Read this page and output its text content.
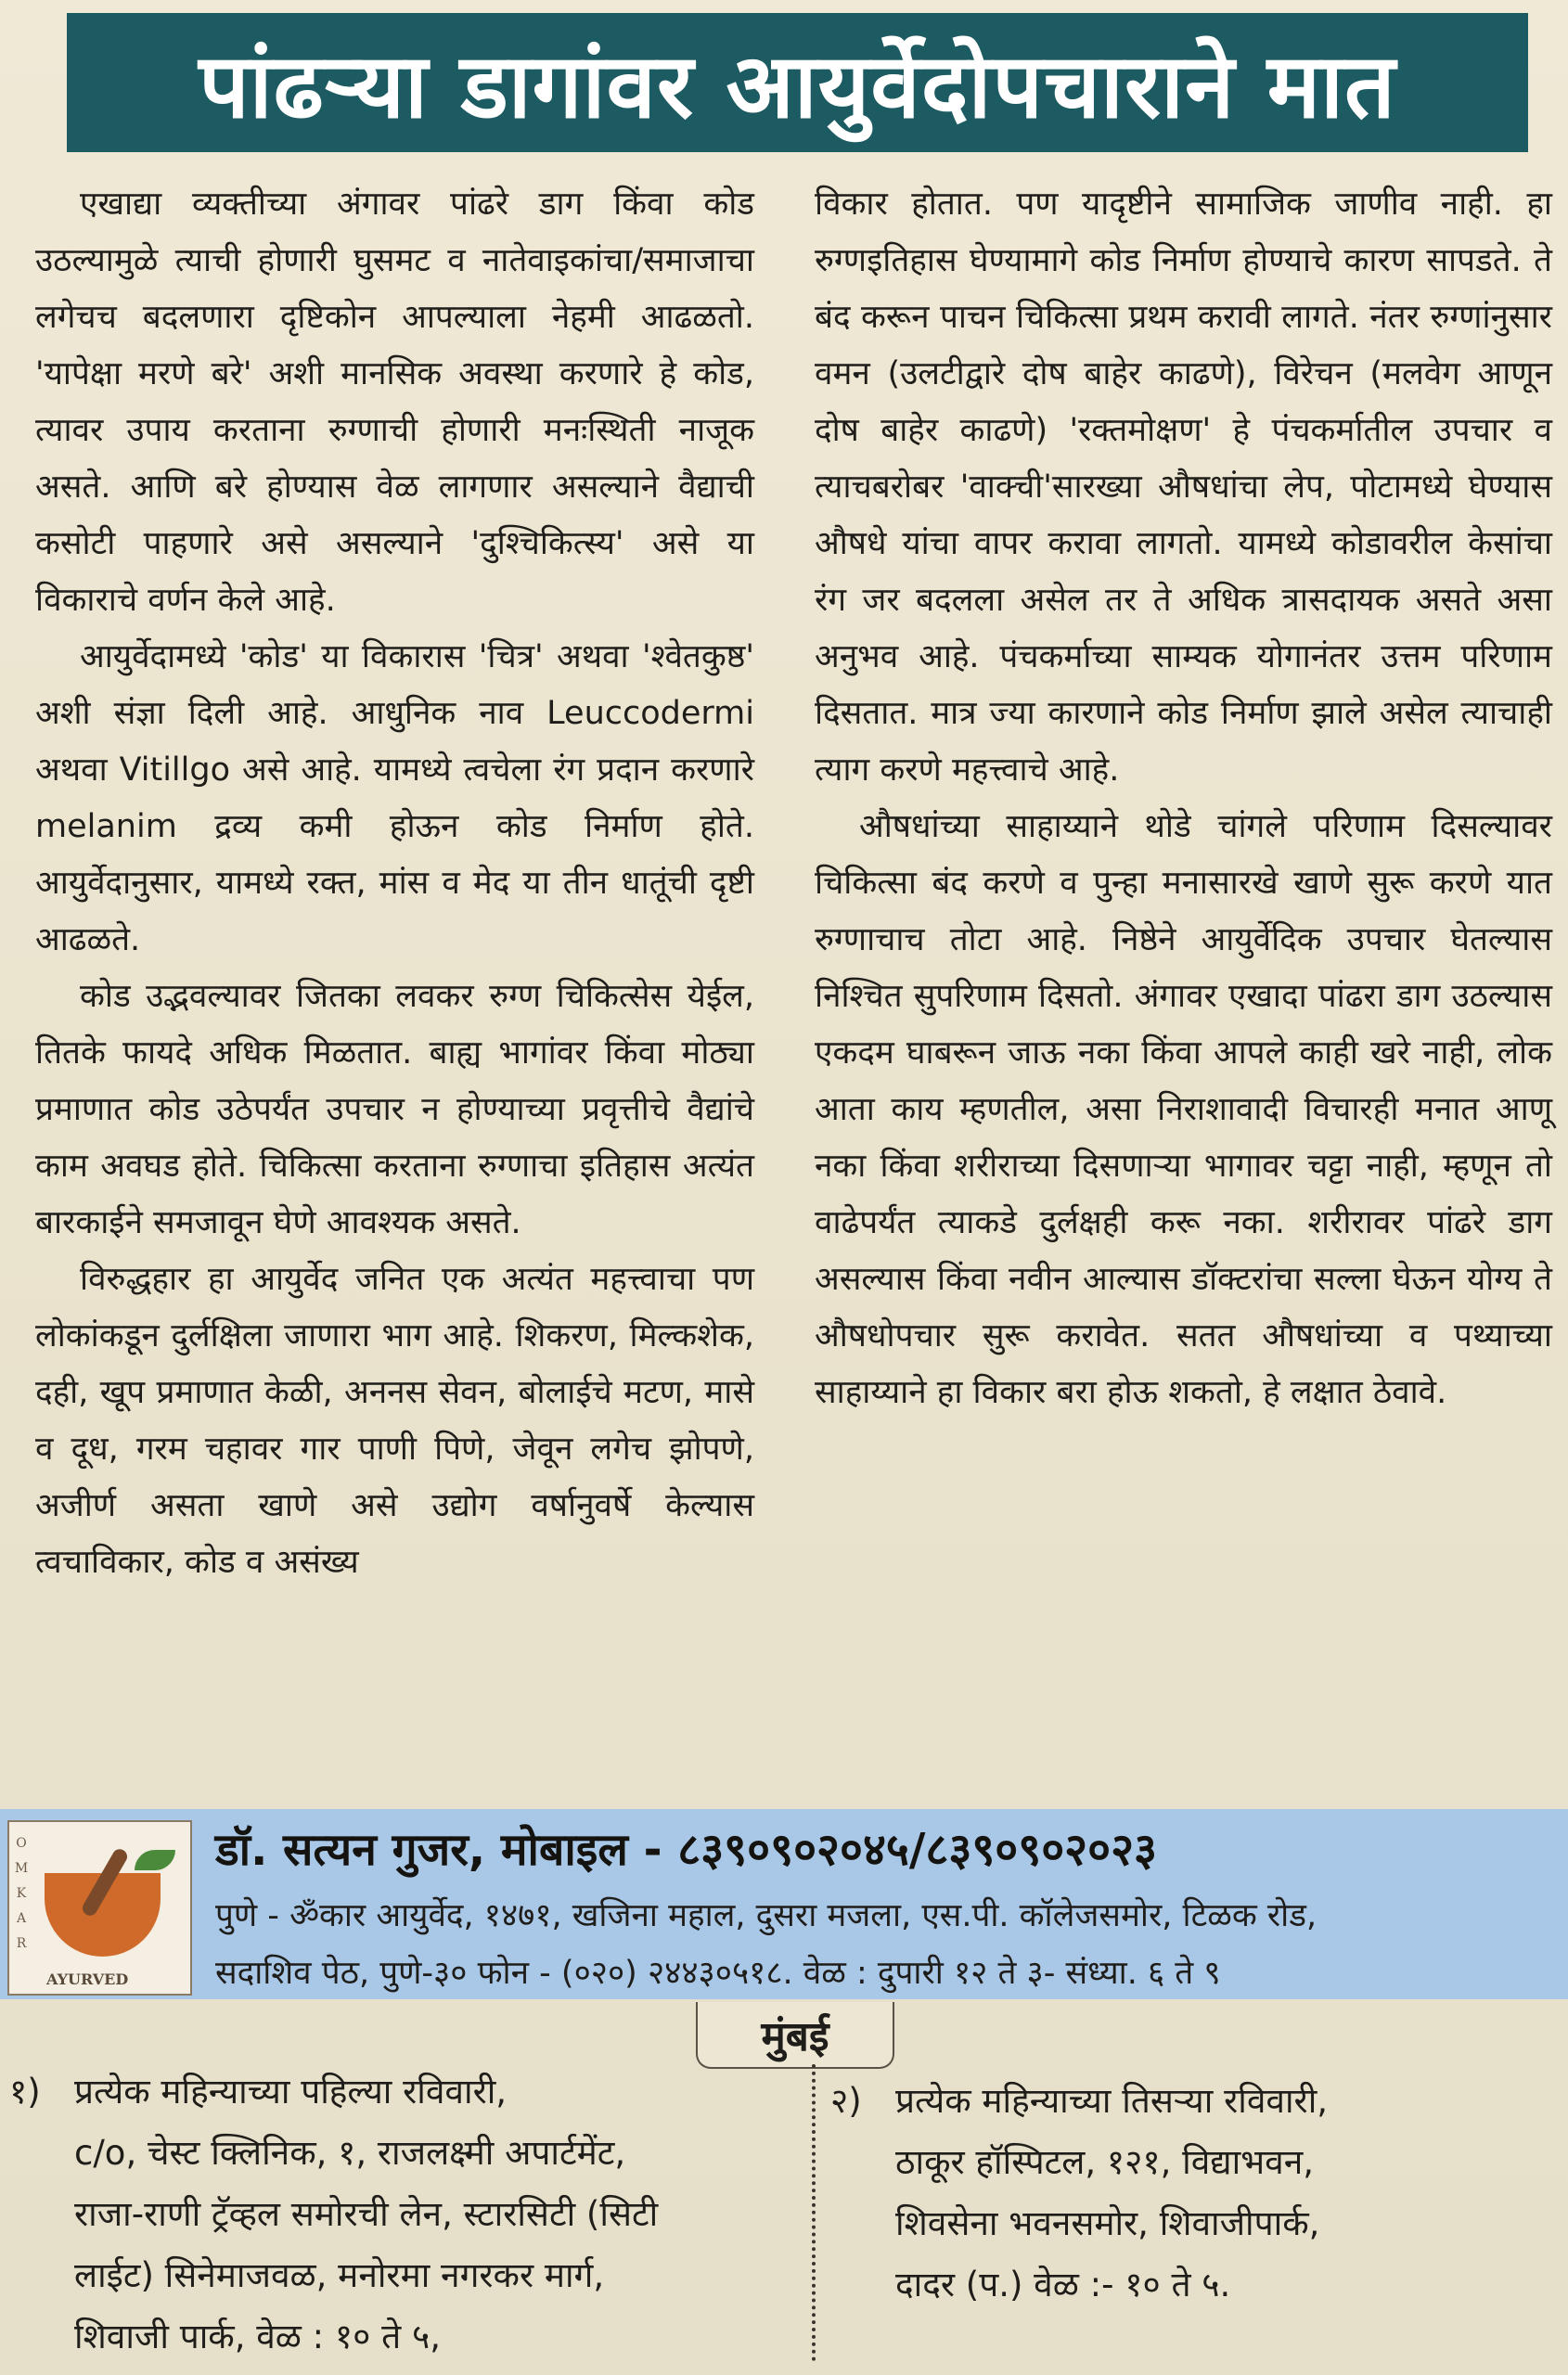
पांढऱ्या डागांवर आयुर्वेदोपचाराने मात

एखाद्या व्यक्तीच्या अंगावर पांढरे डाग किंवा कोड उठल्यामुळे त्याची होणारी घुसमट व नातेवाइकांचा/समाजाचा लगेचच बदलणारा दृष्टिकोन आपल्याला नेहमी आढळतो. 'यापेक्षा मरणे बरे' अशी मानसिक अवस्था करणारे हे कोड, त्यावर उपाय करताना रुग्णाची होणारी मनःस्थिती नाजूक असते. आणि बरे होण्यास वेळ लागणार असल्याने वैद्याची कसोटी पाहणारे असे असल्याने 'दुश्चिकित्स्य' असे या विकाराचे वर्णन केले आहे.

आयुर्वेदामध्ये 'कोड' या विकारास 'चित्र' अथवा 'श्वेतकुष्ठ' अशी संज्ञा दिली आहे. आधुनिक नाव Leuccodermi अथवा Vitillgo असे आहे. यामध्ये त्वचेला रंग प्रदान करणारे melanim द्रव्य कमी होऊन कोड निर्माण होते. आयुर्वेदानुसार, यामध्ये रक्त, मांस व मेद या तीन धातूंची दृष्टी आढळते.

कोड उद्भवल्यावर जितका लवकर रुग्ण चिकित्सेस येईल, तितके फायदे अधिक मिळतात. बाह्य भागांवर किंवा मोठ्या प्रमाणात कोड उठेपर्यंत उपचार न होण्याच्या प्रवृत्तीचे वैद्यांचे काम अवघड होते. चिकित्सा करताना रुग्णाचा इतिहास अत्यंत बारकाईने समजावून घेणे आवश्यक असते.

विरुद्धहार हा आयुर्वेद जनित एक अत्यंत महत्त्वाचा पण लोकांकडून दुर्लक्षिला जाणारा भाग आहे. शिकरण, मिल्कशेक, दही, खूप प्रमाणात केळी, अननस सेवन, बोलाईचे मटण, मासे व दूध, गरम चहावर गार पाणी पिणे, जेवून लगेच झोपणे, अजीर्ण असता खाणे असे उद्योग वर्षानुवर्षे केल्यास त्वचाविकार, कोड व असंख्य

विकार होतात. पण यादृष्टीने सामाजिक जाणीव नाही. हा रुग्णइतिहास घेण्यामागे कोड निर्माण होण्याचे कारण सापडते. ते बंद करून पाचन चिकित्सा प्रथम करावी लागते. नंतर रुग्णांनुसार वमन (उलटीद्वारे दोष बाहेर काढणे), विरेचन (मलवेग आणून दोष बाहेर काढणे) 'रक्तमोक्षण' हे पंचकर्मातील उपचार व त्याचबरोबर 'वाक्ची'सारख्या औषधांचा लेप, पोटामध्ये घेण्यास औषधे यांचा वापर करावा लागतो. यामध्ये कोडावरील केसांचा रंग जर बदलला असेल तर ते अधिक त्रासदायक असते असा अनुभव आहे. पंचकर्माच्या साम्यक योगानंतर उत्तम परिणाम दिसतात. मात्र ज्या कारणाने कोड निर्माण झाले असेल त्याचाही त्याग करणे महत्त्वाचे आहे.

औषधांच्या साहाय्याने थोडे चांगले परिणाम दिसल्यावर चिकित्सा बंद करणे व पुन्हा मनासारखे खाणे सुरू करणे यात रुग्णाचाच तोटा आहे. निष्ठेने आयुर्वेदिक उपचार घेतल्यास निश्चित सुपरिणाम दिसतो. अंगावर एखादा पांढरा डाग उठल्यास एकदम घाबरून जाऊ नका किंवा आपले काही खरे नाही, लोक आता काय म्हणतील, असा निराशावादी विचारही मनात आणू नका किंवा शरीराच्या दिसणाऱ्या भागावर चट्टा नाही, म्हणून तो वाढेपर्यंत त्याकडे दुर्लक्षही करू नका. शरीरावर पांढरे डाग असल्यास किंवा नवीन आल्यास डॉक्टरांचा सल्ला घेऊन योग्य ते औषधोपचार सुरू करावेत. सतत औषधांच्या व पथ्याच्या साहाय्याने हा विकार बरा होऊ शकतो, हे लक्षात ठेवावे.

O
M
K
A
R
AYURVED
डॉ. सत्यन गुजर, मोबाइल - ८३९०९०२०४५/८३९०९०२०२३
पुणे - ॐकार आयुर्वेद, १४७१, खजिना महाल, दुसरा मजला, एस.पी. कॉलेजसमोर, टिळक रोड,
सदाशिव पेठ, पुणे-३० फोन - (०२०) २४४३०५१८. वेळ : दुपारी १२ ते ३- संध्या. ६ ते ९
मुंबई
१) प्रत्येक महिन्याच्या पहिल्या रविवारी,
c/o, चेस्ट क्लिनिक, १, राजलक्ष्मी अपार्टमेंट,
राजा-राणी ट्रॅव्हल समोरची लेन, स्टारसिटी (सिटी
लाईट) सिनेमाजवळ, मनोरमा नगरकर मार्ग,
शिवाजी पार्क, वेळ : १० ते ५,
२) प्रत्येक महिन्याच्या तिसऱ्या रविवारी,
ठाकूर हॉस्पिटल, १२१, विद्याभवन,
शिवसेना भवनसमोर, शिवाजीपार्क,
दादर (प.) वेळ :- १० ते ५.
